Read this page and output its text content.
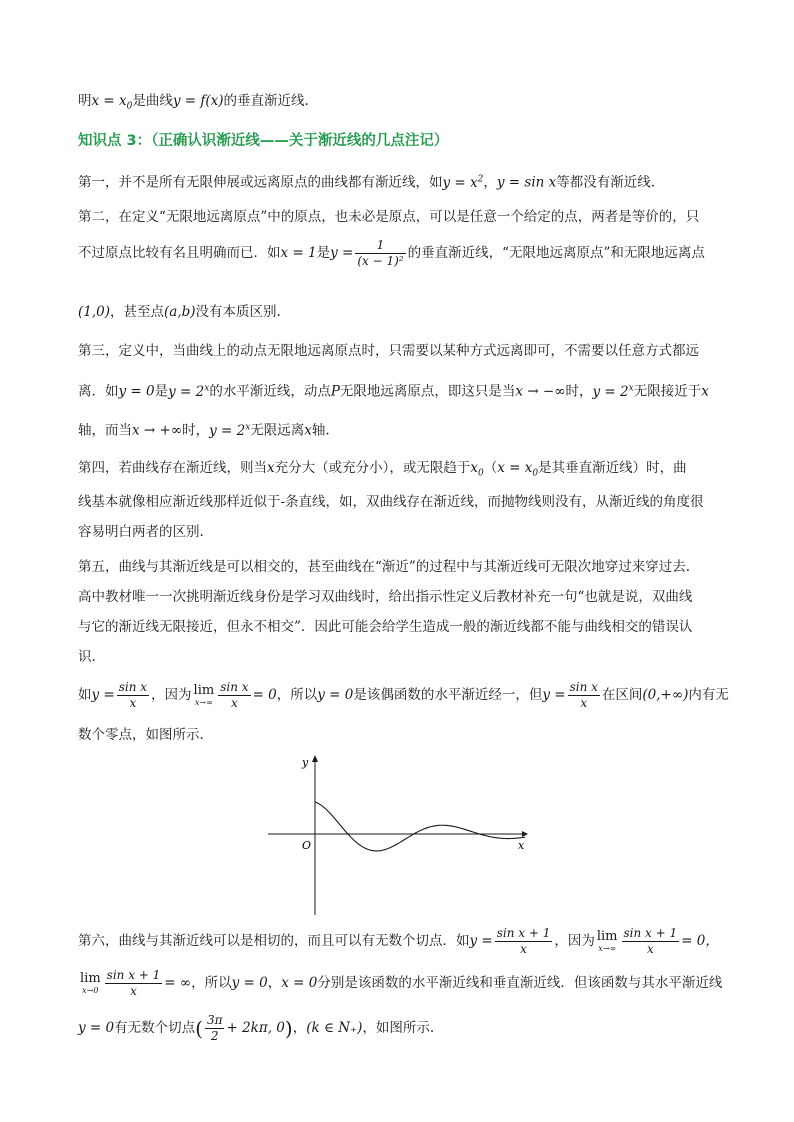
明$x = x_0$是曲线y = f(x)的垂直渐近线.
知识点 3：（正确认识渐近线——关于渐近线的几点注记）
第一，并不是所有无限伸展或远离原点的曲线都有渐近线，如$y = x^2$，y = sin x等都没有渐近线.
第二，在定义“无限地远离原点”中的原点，也未必是原点，可以是任意一个给定的点，两者是等价的，只
不过原点比较有名且明确而已．如x = 1是$y = \frac{1}{\text{(x − 1)²}}$ 的垂直渐近线，“无限地远离原点”和无限地远离点
(1,0)，甚至点(a,b)没有本质区别.
第三，定义中，当曲线上的动点无限地远离原点时，只需要以某种方式远离即可，不需要以任意方式都远
离．如y = 0是$y = 2^x$的水平渐近线，动点P无限地远离原点，即这只是当x → −∞时，$y = 2^x$无限接近于x
轴，而当x → +∞时，$y = 2^x$无限远离x轴.
第四，若曲线存在渐近线，则当x充分大（或充分小），或无限趋于$x_0(x = x_0$是其垂直渐近线）时，曲
线基本就像相应渐近线那样近似于-条直线，如，双曲线存在渐近线，而抛物线则没有，从渐近线的角度很
容易明白两者的区别.
第五，曲线与其渐近线是可以相交的，甚至曲线在“渐近”的过程中与其渐近线可无限次地穿过来穿过去.
高中教材唯一一次挑明渐近线身份是学习双曲线时，给出指示性定义后教材补充一句“也就是说，双曲线
与它的渐近线无限接近，但永不相交”．因此可能会给学生造成一般的渐近线都不能与曲线相交的错误认
识.
如$y = \frac{\text{sin x}}{x}$ ，因为 lim
$x\to\infty \frac{\text{sin x}}{x} = 0$，所以y = 0是该偶函数的水平渐近经一，但$y = \frac{\text{sin x}}{x}$ 在区间(0,+∞)内有无
数个零点，如图所示.
y
x
O
第六，曲线与其渐近线可以是相切的，而且可以有无数个切点．如$y = \frac{\text{sin x + 1}}{x}$ ，因为 lim
$x\to\infty \frac{\text{sin x + 1}}{x} = 0$，
lim
$x\to 0 \frac{\text{sin x + 1}}{x}$ = ∞，所以y = 0，x = 0分别是该函数的水平渐近线和垂直渐近线．但该函数与其水平渐近线
y = 0有无数个切点( $\frac{3\pi}{2} + 2k\pi$, 0)，(k ∈ N₊)，如图所示.
